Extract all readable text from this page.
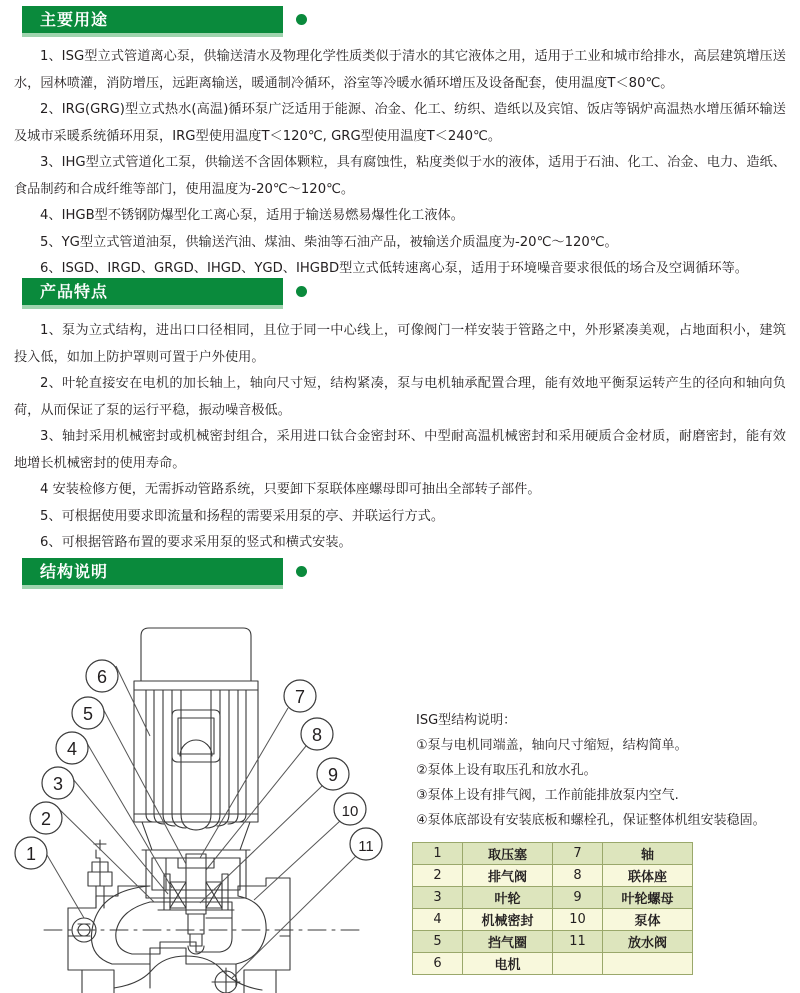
主要用途

1、ISG型立式管道离心泵，供输送清水及物理化学性质类似于清水的其它液体之用，适用于工业和城市给排水，高层建筑增压送水，园林喷灌，消防增压，远距离输送，暖通制冷循环，浴室等冷暖水循环增压及设备配套，使用温度T＜80℃。

2、IRG(GRG)型立式热水(高温)循环泵广泛适用于能源、冶金、化工、纺织、造纸以及宾馆、饭店等锅炉高温热水增压循环输送及城市采暖系统循环用泵，IRG型使用温度T＜120℃, GRG型使用温度T＜240℃。

3、IHG型立式管道化工泵，供输送不含固体颗粒，具有腐蚀性，粘度类似于水的液体，适用于石油、化工、冶金、电力、造纸、食品制药和合成纤维等部门，使用温度为-20℃～120℃。

4、IHGB型不锈钢防爆型化工离心泵，适用于输送易燃易爆性化工液体。

5、YG型立式管道油泵，供输送汽油、煤油、柴油等石油产品，被输送介质温度为-20℃～120℃。

6、ISGD、IRGD、GRGD、IHGD、YGD、IHGBD型立式低转速离心泵，适用于环境噪音要求很低的场合及空调循环等。

产品特点

1、泵为立式结构，进出口口径相同，且位于同一中心线上，可像阀门一样安装于管路之中，外形紧凑美观，占地面积小，建筑投入低，如加上防护罩则可置于户外使用。

2、叶轮直接安在电机的加长轴上，轴向尺寸短，结构紧凑，泵与电机轴承配置合理，能有效地平衡泵运转产生的径向和轴向负荷，从而保证了泵的运行平稳，振动噪音极低。

3、轴封采用机械密封或机械密封组合，采用进口钛合金密封环、中型耐高温机械密封和采用硬质合金材质，耐磨密封，能有效地增长机械密封的使用寿命。

4 安装检修方便，无需拆动管路系统，只要卸下泵联体座螺母即可抽出全部转子部件。

5、可根据使用要求即流量和扬程的需要采用泵的亭、并联运行方式。

6、可根据管路布置的要求采用泵的竖式和横式安装。

结构说明
1
2
3
4
5
6
7
8
9
10
11
ISG型结构说明：
①泵与电机同端盖，轴向尺寸缩短，结构简单。
②泵体上设有取压孔和放水孔。
③泵体上设有排气阀，工作前能排放泵内空气.
④泵体底部设有安装底板和螺栓孔，保证整体机组安装稳固。
1	取压塞	7	轴
2	排气阀	8	联体座
3	叶轮	9	叶轮螺母
4	机械密封	10	泵体
5	挡气圈	11	放水阀
6	电机		
